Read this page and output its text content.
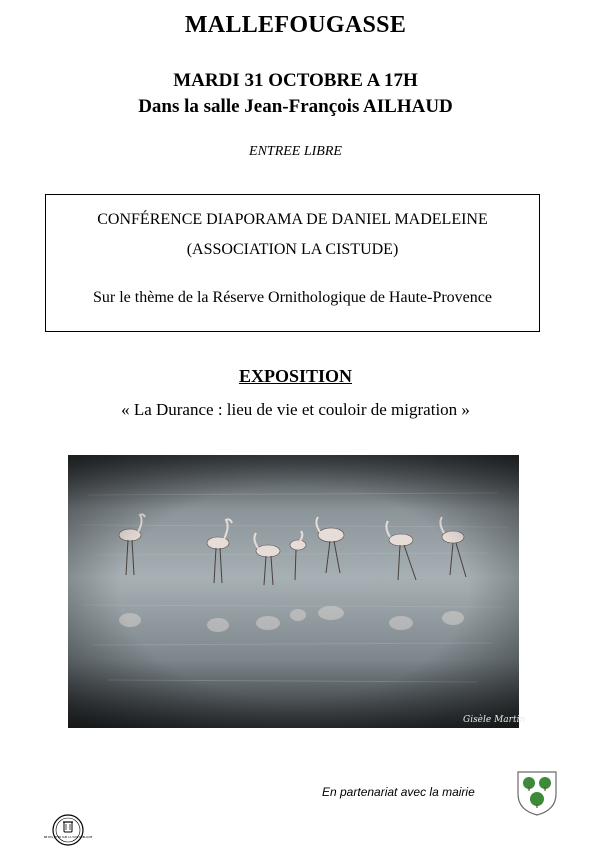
MALLEFOUGASSE
MARDI 31 OCTOBRE A 17H
Dans la salle Jean-François AILHAUD
ENTREE LIBRE
CONFÉRENCE DIAPORAMA DE DANIEL MADELEINE
(ASSOCIATION LA CISTUDE)
Sur le thème de la Réserve Ornithologique de Haute-Provence
EXPOSITION
« La Durance : lieu de vie et couloir de migration »
Gisèle Martin
En partenariat avec la mairie
NE PAS JETER SUR LA VOIE PUBLIQUE
